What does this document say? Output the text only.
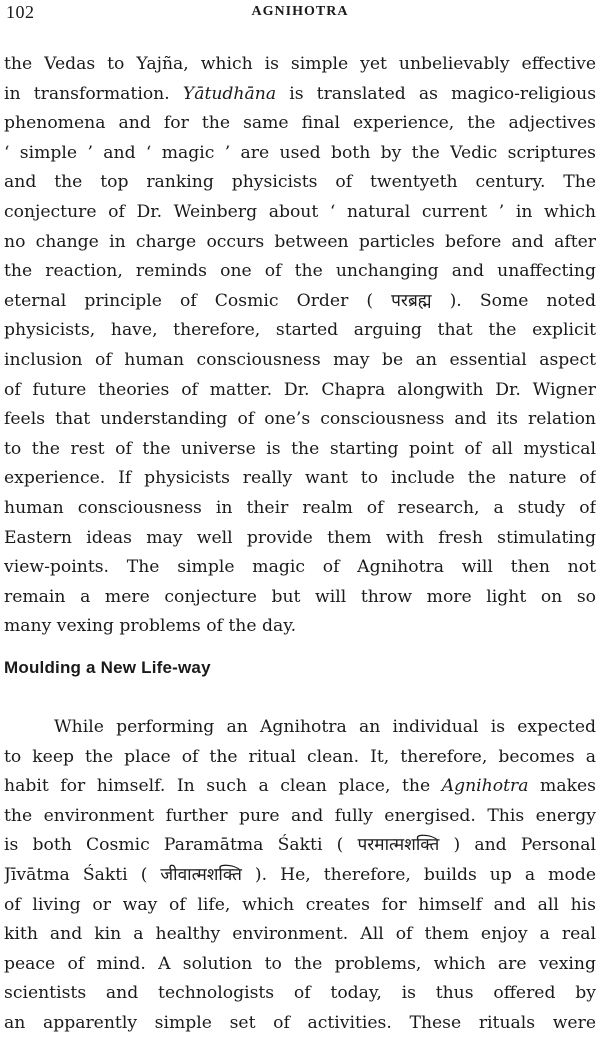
102	AGNIHOTRA
the Vedas to Yajña, which is simple yet unbelievably effective
in transformation. Yātudhāna is translated as magico-religious
phenomena and for the same final experience, the adjectives
‘ simple ’ and ‘ magic ’ are used both by the Vedic scriptures
and the top ranking physicists of twentyeth century. The
conjecture of Dr. Weinberg about ‘ natural current ’ in which
no change in charge occurs between particles before and after
the reaction, reminds one of the unchanging and unaffecting
eternal principle of Cosmic Order ( परब्रह्म ). Some noted
physicists, have, therefore, started arguing that the explicit
inclusion of human consciousness may be an essential aspect
of future theories of matter. Dr. Chapra alongwith Dr. Wigner
feels that understanding of one’s consciousness and its relation
to the rest of the universe is the starting point of all mystical
experience. If physicists really want to include the nature of
human consciousness in their realm of research, a study of
Eastern ideas may well provide them with fresh stimulating
view-points. The simple magic of Agnihotra will then not
remain a mere conjecture but will throw more light on so
many vexing problems of the day.
Moulding a New Life-way
While performing an Agnihotra an individual is expected
to keep the place of the ritual clean. It, therefore, becomes a
habit for himself. In such a clean place, the Agnihotra makes
the environment further pure and fully energised. This energy
is both Cosmic Paramātma Śakti ( परमात्मशक्ति ) and Personal
Jīvātma Śakti ( जीवात्मशक्ति ). He, therefore, builds up a mode
of living or way of life, which creates for himself and all his
kith and kin a healthy environment. All of them enjoy a real
peace of mind. A solution to the problems, which are vexing
scientists and technologists of today, is thus offered by
an apparently simple set of activities. These rituals were
